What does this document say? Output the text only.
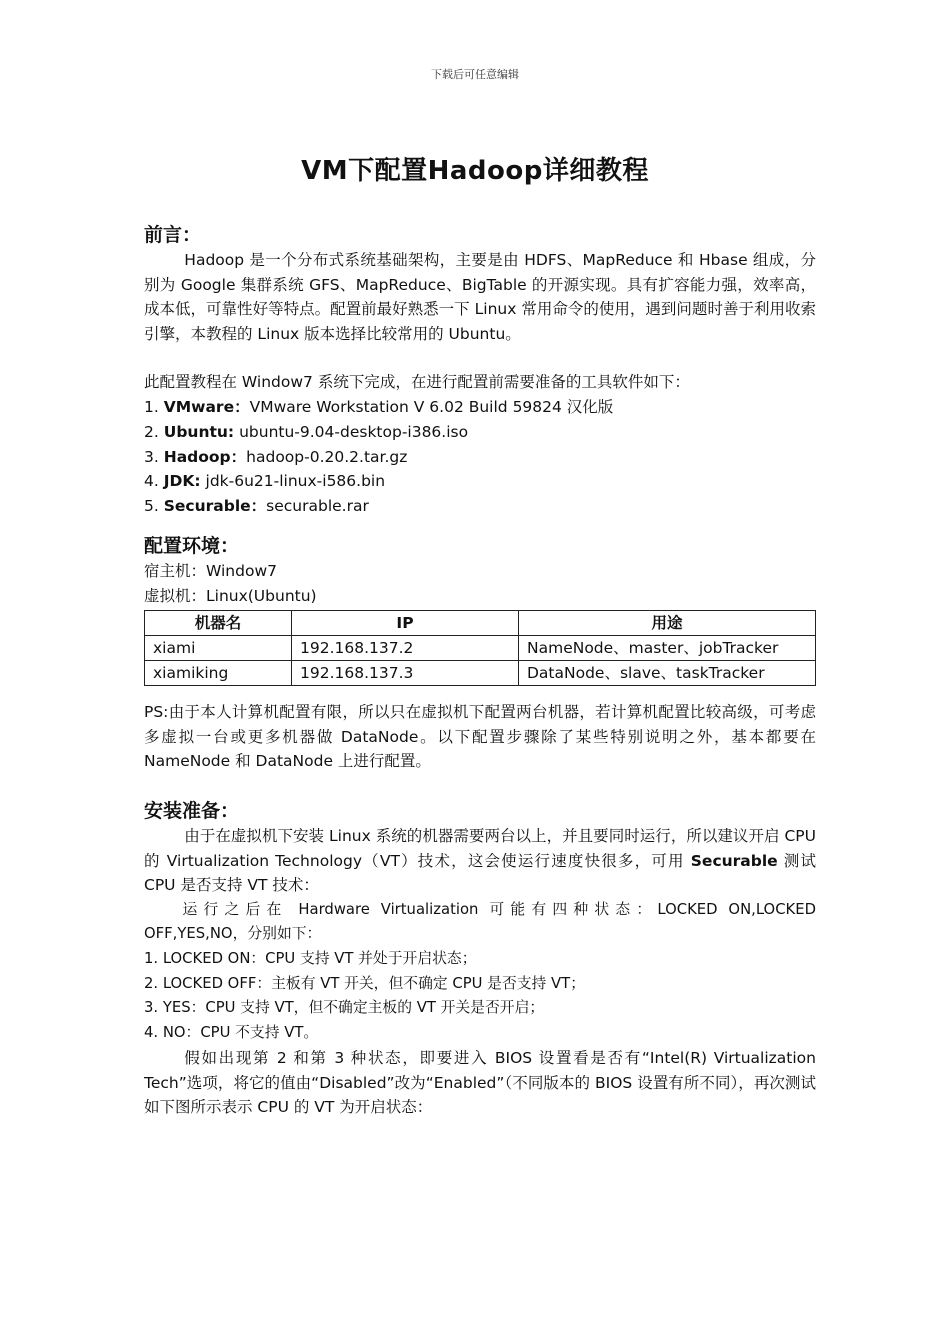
下载后可任意编辑
VM下配置Hadoop详细教程
前言：

Hadoop 是一个分布式系统基础架构，主要是由 HDFS、MapReduce 和 Hbase 组成，分别为 Google 集群系统 GFS、MapReduce、BigTable 的开源实现。具有扩容能力强，效率高，成本低，可靠性好等特点。配置前最好熟悉一下 Linux 常用命令的使用，遇到问题时善于利用收索引擎，本教程的 Linux 版本选择比较常用的 Ubuntu。

此配置教程在 Window7 系统下完成，在进行配置前需要准备的工具软件如下：

1. VMware：VMware Workstation V 6.02 Build 59824 汉化版

2. Ubuntu: ubuntu-9.04-desktop-i386.iso

3. Hadoop：hadoop-0.20.2.tar.gz

4. JDK: jdk-6u21-linux-i586.bin

5. Securable：securable.rar

配置环境：

宿主机：Window7

虚拟机：Linux(Ubuntu)

机器名	IP	用途
xiami	192.168.137.2	NameNode、master、jobTracker
xiamiking	192.168.137.3	DataNode、slave、taskTracker

PS:由于本人计算机配置有限，所以只在虚拟机下配置两台机器，若计算机配置比较高级，可考虑多虚拟一台或更多机器做 DataNode。以下配置步骤除了某些特别说明之外，基本都要在 NameNode 和 DataNode 上进行配置。

安装准备：

由于在虚拟机下安装 Linux 系统的机器需要两台以上，并且要同时运行，所以建议开启 CPU 的 Virtualization Technology（VT）技术，这会使运行速度快很多，可用 Securable 测试 CPU 是否支持 VT 技术：

运行之后在 Hardware Virtualization 可能有四种状态：LOCKED ON,LOCKED OFF,YES,NO，分别如下：

1. LOCKED ON：CPU 支持 VT 并处于开启状态；

2. LOCKED OFF：主板有 VT 开关，但不确定 CPU 是否支持 VT；

3. YES：CPU 支持 VT，但不确定主板的 VT 开关是否开启；

4. NO：CPU 不支持 VT。

假如出现第 2 和第 3 种状态，即要进入 BIOS 设置看是否有“Intel(R) Virtualization Tech”选项，将它的值由“Disabled”改为“Enabled”（不同版本的 BIOS 设置有所不同），再次测试如下图所示表示 CPU 的 VT 为开启状态：
